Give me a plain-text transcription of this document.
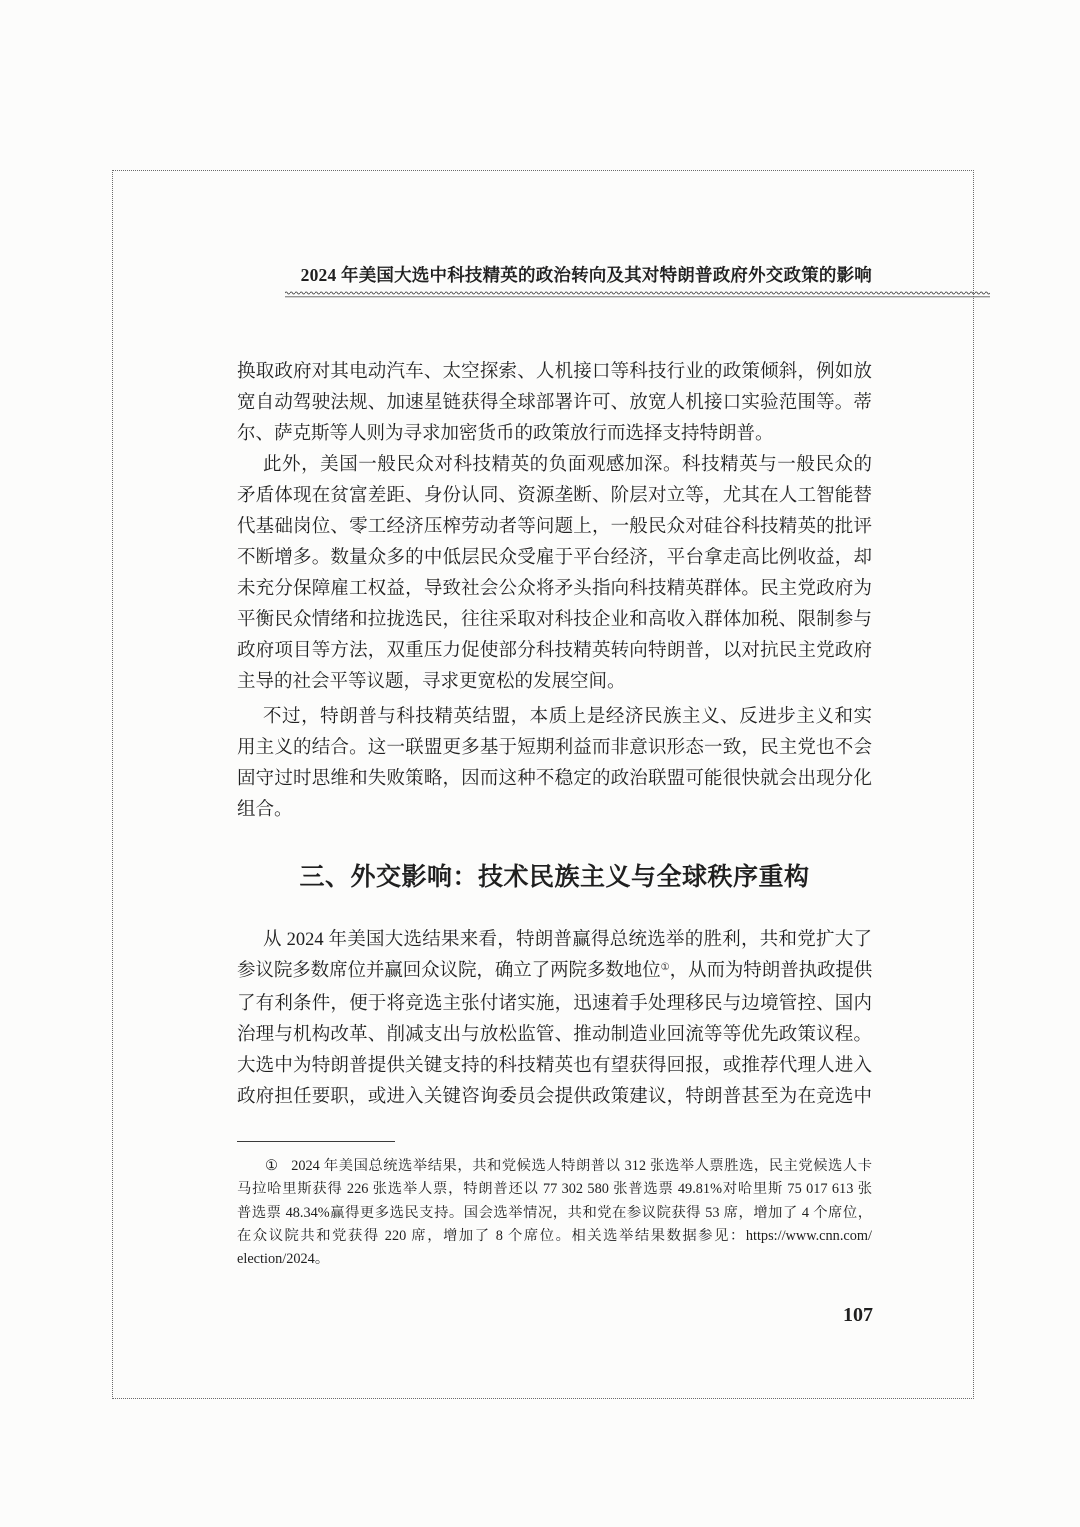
2024 年美国大选中科技精英的政治转向及其对特朗普政府外交政策的影响
换取政府对其电动汽车、太空探索、人机接口等科技行业的政策倾斜，例如放
宽自动驾驶法规、加速星链获得全球部署许可、放宽人机接口实验范围等。蒂
尔、萨克斯等人则为寻求加密货币的政策放行而选择支持特朗普。
此外，美国一般民众对科技精英的负面观感加深。科技精英与一般民众的
矛盾体现在贫富差距、身份认同、资源垄断、阶层对立等，尤其在人工智能替
代基础岗位、零工经济压榨劳动者等问题上，一般民众对硅谷科技精英的批评
不断增多。数量众多的中低层民众受雇于平台经济，平台拿走高比例收益，却
未充分保障雇工权益，导致社会公众将矛头指向科技精英群体。民主党政府为
平衡民众情绪和拉拢选民，往往采取对科技企业和高收入群体加税、限制参与
政府项目等方法，双重压力促使部分科技精英转向特朗普，以对抗民主党政府
主导的社会平等议题，寻求更宽松的发展空间。
不过，特朗普与科技精英结盟，本质上是经济民族主义、反进步主义和实
用主义的结合。这一联盟更多基于短期利益而非意识形态一致，民主党也不会
固守过时思维和失败策略，因而这种不稳定的政治联盟可能很快就会出现分化
组合。
三、外交影响：技术民族主义与全球秩序重构
从 2024 年美国大选结果来看，特朗普赢得总统选举的胜利，共和党扩大了
参议院多数席位并赢回众议院，确立了两院多数地位①，从而为特朗普执政提供
了有利条件，便于将竞选主张付诸实施，迅速着手处理移民与边境管控、国内
治理与机构改革、削减支出与放松监管、推动制造业回流等等优先政策议程。
大选中为特朗普提供关键支持的科技精英也有望获得回报，或推荐代理人进入
政府担任要职，或进入关键咨询委员会提供政策建议，特朗普甚至为在竞选中
① 2024 年美国总统选举结果，共和党候选人特朗普以 312 张选举人票胜选，民主党候选人卡
马拉哈里斯获得 226 张选举人票，特朗普还以 77 302 580 张普选票 49.81%对哈里斯 75 017 613 张
普选票 48.34%赢得更多选民支持。国会选举情况，共和党在参议院获得 53 席，增加了 4 个席位，
在众议院共和党获得 220 席，增加了 8 个席位。相关选举结果数据参见：https://www.cnn.com/
election/2024。
107
